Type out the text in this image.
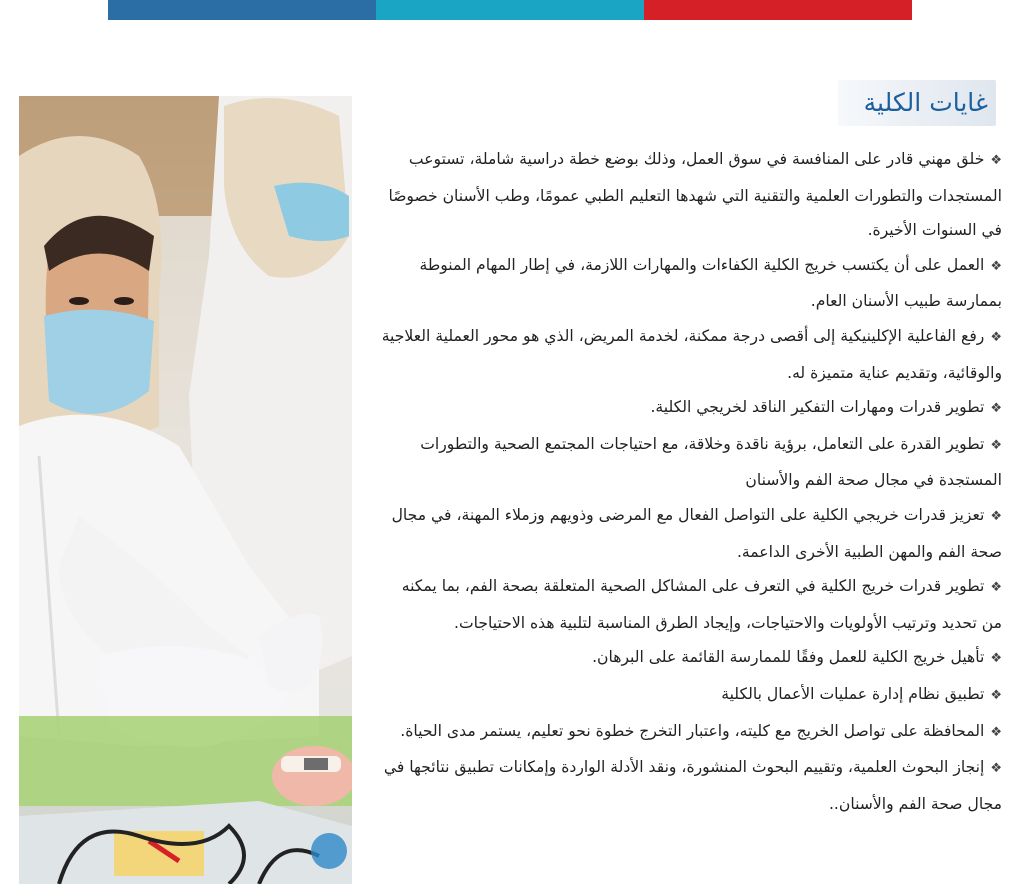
غايات الكلية
❖خلق مهني قادر على المنافسة في سوق العمل، وذلك بوضع خطة دراسية شاملة، تستوعب المستجدات والتطورات العلمية والتقنية التي شهدها التعليم الطبي عمومًا، وطب الأسنان خصوصًا في السنوات الأخيرة.
❖العمل على أن يكتسب خريج الكلية الكفاءات والمهارات اللازمة، في إطار المهام المنوطة بممارسة طبيب الأسنان العام.
❖رفع الفاعلية الإكلينيكية إلى أقصى درجة ممكنة، لخدمة المريض، الذي هو محور العملية العلاجية والوقائية، وتقديم عناية متميزة له.
❖تطوير قدرات ومهارات التفكير الناقد لخريجي الكلية.
❖تطوير القدرة على التعامل، برؤية ناقدة وخلاقة، مع احتياجات المجتمع الصحية والتطورات المستجدة في مجال صحة الفم والأسنان
❖تعزيز قدرات خريجي الكلية على التواصل الفعال مع المرضى وذويهم وزملاء المهنة، في مجال صحة الفم والمهن الطبية الأخرى الداعمة.
❖تطوير قدرات خريج الكلية في التعرف على المشاكل الصحية المتعلقة بصحة الفم، بما يمكنه من تحديد وترتيب الأولويات والاحتياجات، وإيجاد الطرق المناسبة لتلبية هذه الاحتياجات.
❖تأهيل خريج الكلية للعمل وفقًا للممارسة القائمة على البرهان.
❖تطبيق نظام إدارة عمليات الأعمال بالكلية
❖المحافظة على تواصل الخريج مع كليته، واعتبار التخرج خطوة نحو تعليم، يستمر مدى الحياة.
❖إنجاز البحوث العلمية، وتقييم البحوث المنشورة، ونقد الأدلة الواردة وإمكانات تطبيق نتائجها في مجال صحة الفم والأسنان..
